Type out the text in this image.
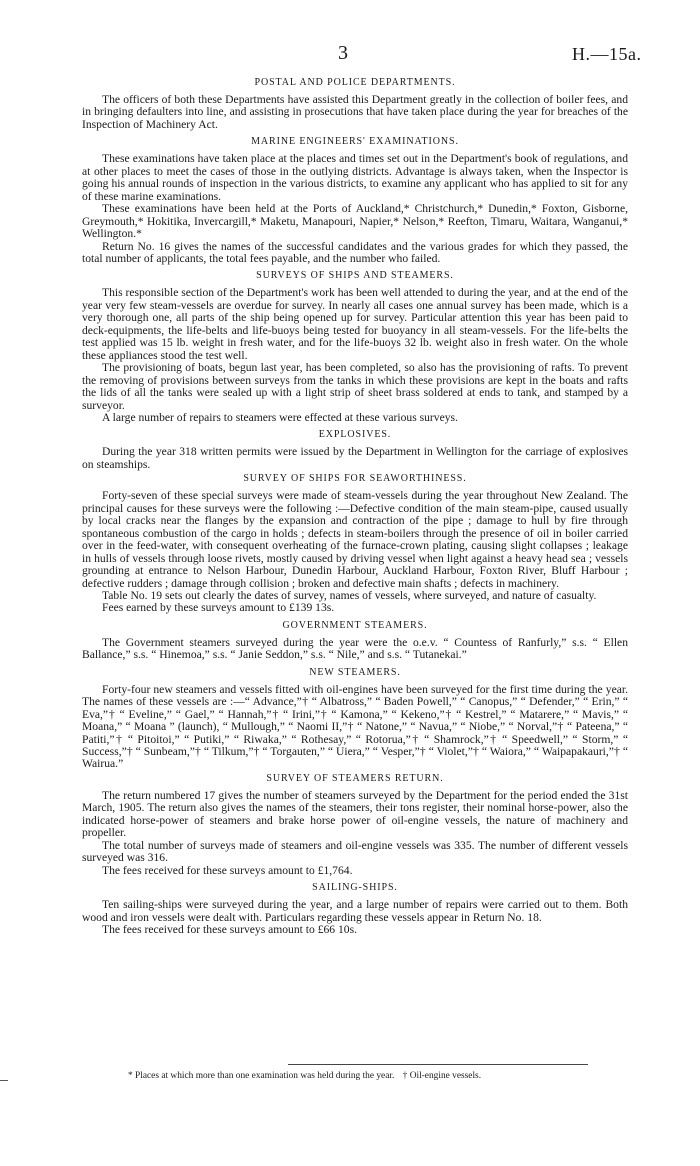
3	H.—15a.
POSTAL AND POLICE DEPARTMENTS.

The officers of both these Departments have assisted this Department greatly in the collection of boiler fees, and in bringing defaulters into line, and assisting in prosecutions that have taken place during the year for breaches of the Inspection of Machinery Act.

MARINE ENGINEERS' EXAMINATIONS.

These examinations have taken place at the places and times set out in the Department's book of regulations, and at other places to meet the cases of those in the outlying districts. Advantage is always taken, when the Inspector is going his annual rounds of inspection in the various districts, to examine any applicant who has applied to sit for any of these marine examinations.

These examinations have been held at the Ports of Auckland,* Christchurch,* Dunedin,* Foxton, Gisborne, Greymouth,* Hokitika, Invercargill,* Maketu, Manapouri, Napier,* Nelson,* Reefton, Timaru, Waitara, Wanganui,* Wellington.*

Return No. 16 gives the names of the successful candidates and the various grades for which they passed, the total number of applicants, the total fees payable, and the number who failed.

SURVEYS OF SHIPS AND STEAMERS.

This responsible section of the Department's work has been well attended to during the year, and at the end of the year very few steam-vessels are overdue for survey. In nearly all cases one annual survey has been made, which is a very thorough one, all parts of the ship being opened up for survey. Particular attention this year has been paid to deck-equipments, the life-belts and life-buoys being tested for buoyancy in all steam-vessels. For the life-belts the test applied was 15 lb. weight in fresh water, and for the life-buoys 32 lb. weight also in fresh water. On the whole these appliances stood the test well.

The provisioning of boats, begun last year, has been completed, so also has the provisioning of rafts. To prevent the removing of provisions between surveys from the tanks in which these provisions are kept in the boats and rafts the lids of all the tanks were sealed up with a light strip of sheet brass soldered at ends to tank, and stamped by a surveyor.

A large number of repairs to steamers were effected at these various surveys.

EXPLOSIVES.

During the year 318 written permits were issued by the Department in Wellington for the carriage of explosives on steamships.

SURVEY OF SHIPS FOR SEAWORTHINESS.

Forty-seven of these special surveys were made of steam-vessels during the year throughout New Zealand. The principal causes for these surveys were the following :—Defective condition of the main steam-pipe, caused usually by local cracks near the flanges by the expansion and contraction of the pipe ; damage to hull by fire through spontaneous combustion of the cargo in holds ; defects in steam-boilers through the presence of oil in boiler carried over in the feed-water, with consequent overheating of the furnace-crown plating, causing slight collapses ; leakage in hulls of vessels through loose rivets, mostly caused by driving vessel when light against a heavy head sea ; vessels grounding at entrance to Nelson Harbour, Dunedin Harbour, Auckland Harbour, Foxton River, Bluff Harbour ; defective rudders ; damage through collision ; broken and defective main shafts ; defects in machinery.

Table No. 19 sets out clearly the dates of survey, names of vessels, where surveyed, and nature of casualty.

Fees earned by these surveys amount to £139 13s.

GOVERNMENT STEAMERS.

The Government steamers surveyed during the year were the o.e.v. “ Countess of Ranfurly,” s.s. “ Ellen Ballance,” s.s. “ Hinemoa,” s.s. “ Janie Seddon,” s.s. “ Nile,” and s.s. “ Tutanekai.”

NEW STEAMERS.

Forty-four new steamers and vessels fitted with oil-engines have been surveyed for the first time during the year. The names of these vessels are :—“ Advance,”† “ Albatross,” “ Baden Powell,” “ Canopus,” “ Defender,” “ Erin,” “ Eva,”† “ Eveline,” “ Gael,” “ Hannah,”† “ Irini,”† “ Kamona,” “ Kekeno,”† “ Kestrel,” “ Matarere,” “ Mavis,” “ Moana,” “ Moana ” (launch), “ Mullough,” “ Naomi II,”† “ Natone,” “ Navua,” “ Niobe,” “ Norval,”† “ Pateena,” “ Patiti,”† “ Pitoitoi,” “ Putiki,” “ Riwaka,” “ Rothesay,” “ Rotorua,”† “ Shamrock,”† “ Speedwell,” “ Storm,” “ Success,”† “ Sunbeam,”† “ Tilkum,”† “ Torgauten,” “ Uiera,” “ Vesper,”† “ Violet,”† “ Waiora,” “ Waipapakauri,”† “ Wairua.”

SURVEY OF STEAMERS RETURN.

The return numbered 17 gives the number of steamers surveyed by the Department for the period ended the 31st March, 1905. The return also gives the names of the steamers, their tons register, their nominal horse-power, also the indicated horse-power of steamers and brake horse power of oil-engine vessels, the nature of machinery and propeller.

The total number of surveys made of steamers and oil-engine vessels was 335. The number of different vessels surveyed was 316.

The fees received for these surveys amount to £1,764.

SAILING-SHIPS.

Ten sailing-ships were surveyed during the year, and a large number of repairs were carried out to them. Both wood and iron vessels were dealt with. Particulars regarding these vessels appear in Return No. 18.

The fees received for these surveys amount to £66 10s.

* Places at which more than one examination was held during the year. † Oil-engine vessels.
